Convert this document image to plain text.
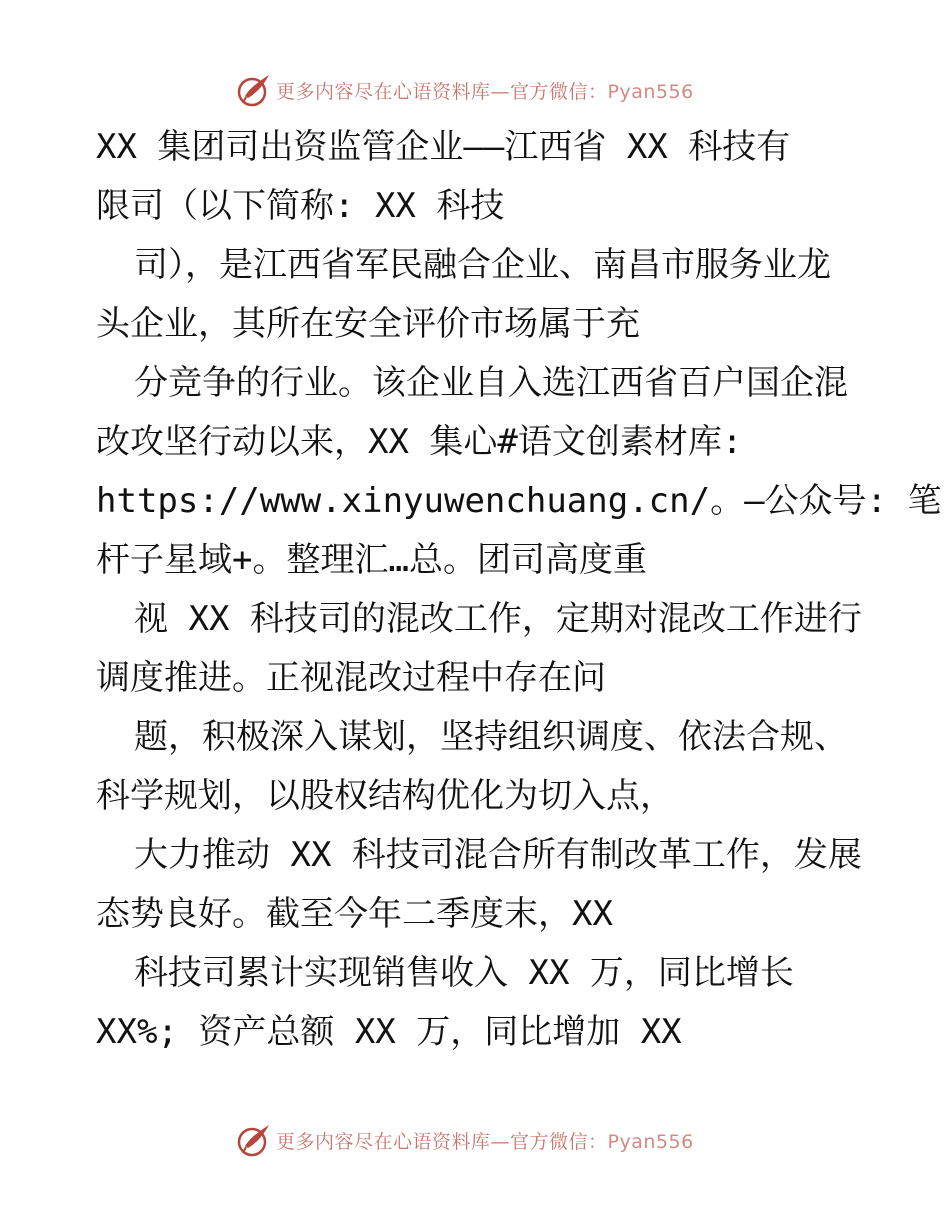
更多内容尽在心语资料库—官方微信：Pyan556
XX 集团司出资监管企业——江西省 XX 科技有
限司（以下简称: XX 科技
司），是江西省军民融合企业、南昌市服务业龙
头企业，其所在安全评价市场属于充
分竞争的行业。该企业自入选江西省百户国企混
改攻坚行动以来，XX 集心#语文创素材库:
https://www.xinyuwenchuang.cn/。—公众号: 笔
杆子星域+。整理汇…总。团司高度重
视 XX 科技司的混改工作，定期对混改工作进行
调度推进。正视混改过程中存在问
题，积极深入谋划，坚持组织调度、依法合规、
科学规划，以股权结构优化为切入点，
大力推动 XX 科技司混合所有制改革工作，发展
态势良好。截至今年二季度末，XX
科技司累计实现销售收入 XX 万，同比增长
XX%; 资产总额 XX 万，同比增加 XX
更多内容尽在心语资料库—官方微信：Pyan556
